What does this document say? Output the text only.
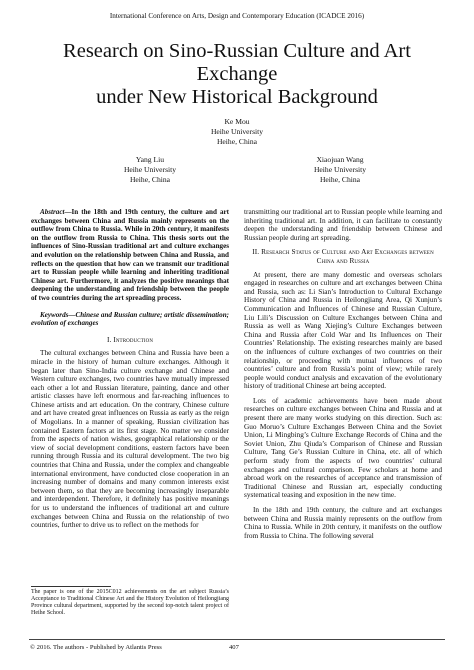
International Conference on Arts, Design and Contemporary Education (ICADCE 2016)
Research on Sino-Russian Culture and Art Exchange
under New Historical Background
Ke Mou
Heihe University
Heihe, China
Yang Liu
Heihe University
Heihe, China
Xiaojuan Wang
Heihe University
Heihe, China

Abstract—In the 18th and 19th century, the culture and art exchanges between China and Russia mainly represents on the outflow from China to Russia. While in 20th century, it manifests on the outflow from Russia to China. This thesis sorts out the influences of Sino-Russian traditional art and culture exchanges and evolution on the relationship between China and Russia, and reflects on the question that how can we transmit our traditional art to Russian people while learning and inheriting traditional Chinese art. Furthermore, it analyzes the positive meanings that deepening the understanding and friendship between the people of two countries during the art spreading process.

Keywords—Chinese and Russian culture; artistic dissemination; evolution of exchanges

I. Introduction

The cultural exchanges between China and Russia have been a miracle in the history of human culture exchanges. Although it began later than Sino-India culture exchange and Chinese and Western culture exchanges, two countries have mutually impressed each other a lot and Russian literature, painting, dance and other artistic classes have left enormous and far-reaching influences to Chinese artists and art education. On the contrary, Chinese culture and art have created great influences on Russia as early as the reign of Mogolians. In a manner of speaking, Russian civilization has contained Eastern factors at its first stage. No matter we consider from the aspects of nation wishes, geographical relationship or the view of social development conditions, eastern factors have been running through Russia and its cultural development. The two big countries that China and Russia, under the complex and changeable international environment, have conducted close cooperation in an increasing number of domains and many common interests exist between them, so that they are becoming increasingly inseparable and interdependent. Therefore, it definitely has positive meanings for us to understand the influences of traditional art and culture exchanges between China and Russia on the relationship of two countries, further to drive us to reflect on the methods for

The paper is one of the 2015C012 achievements on the art subject Russia’s Acceptance to Traditional Chinese Art and the History Evolution of Heilongjiang Province cultural department, supported by the second top-notch talent project of Heihe School.

transmitting our traditional art to Russian people while learning and inheriting traditional art. In addition, it can facilitate to constantly deepen the understanding and friendship between Chinese and Russian people during art spreading.

II. Research Status of Culture and Art Exchanges between China and Russia

At present, there are many domestic and overseas scholars engaged in researches on culture and art exchanges between China and Russia, such as: Li Sian’s Introduction to Cultural Exchange History of China and Russia in Heilongjiang Area, Qi Xunjun’s Communication and Influences of Chinese and Russian Culture, Liu Lili’s Discussion on Culture Exchanges between China and Russia as well as Wang Xiejing’s Culture Exchanges between China and Russia after Cold War and Its Influences on Their Countries’ Relationship. The existing researches mainly are based on the influences of culture exchanges of two countries on their relationship, or proceeding with mutual influences of two countries’ culture and from Russia’s point of view; while rarely people would conduct analysis and excavation of the evolutionary history of traditional Chinese art being accepted.

Lots of academic achievements have been made about researches on culture exchanges between China and Russia and at present there are many works studying on this direction. Such as: Guo Moruo’s Culture Exchanges Between China and the Soviet Union, Li Mingbing’s Culture Exchange Records of China and the Soviet Union, Zhu Qiuda’s Comparison of Chinese and Russian Culture, Tang Ge’s Russian Culture in China, etc. all of which perform study from the aspects of two countries’ cultural exchanges and cultural comparison. Few scholars at home and abroad work on the researches of acceptance and transmission of Traditional Chinese and Russian art, especially conducting systematical teasing and exposition in the new time.

In the 18th and 19th century, the culture and art exchanges between China and Russia mainly represents on the outflow from China to Russia. While in 20th century, it manifests on the outflow from Russia to China. The following several

© 2016. The authors - Published by Atlantis Press	407
